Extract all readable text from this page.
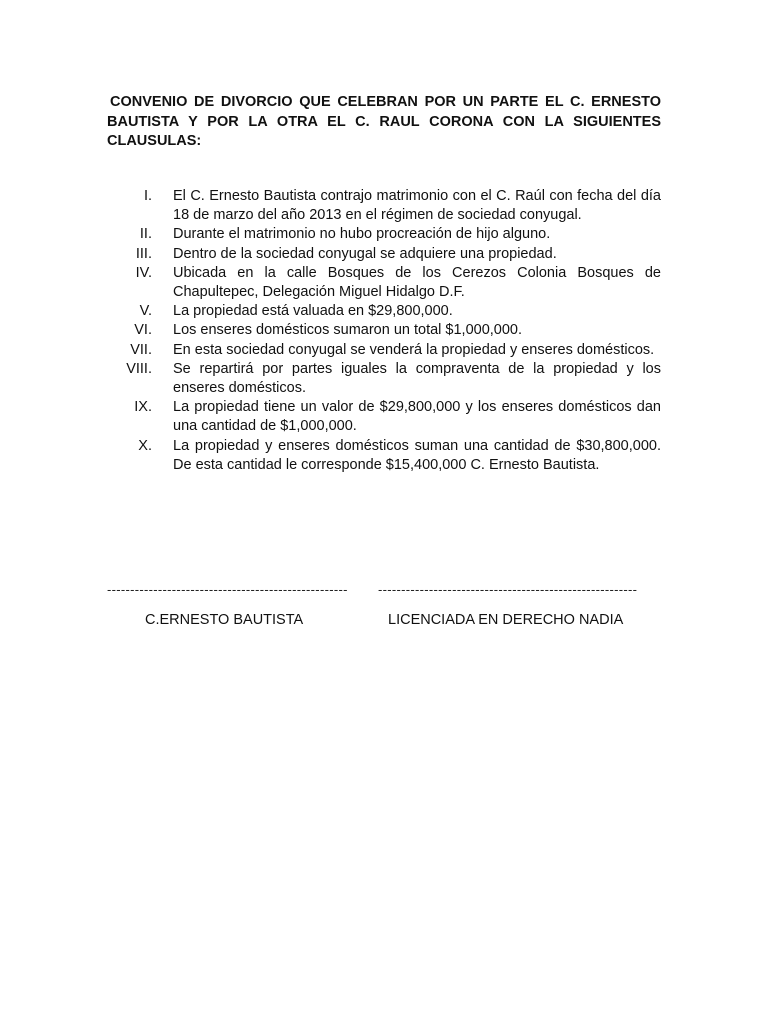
CONVENIO DE DIVORCIO QUE CELEBRAN POR UN PARTE EL C. ERNESTO BAUTISTA Y POR LA OTRA EL C. RAUL CORONA CON LA SIGUIENTES CLAUSULAS:

I.	El C. Ernesto Bautista contrajo matrimonio con el C. Raúl con fecha del día 18 de marzo del año 2013 en el régimen de sociedad conyugal.
II.	Durante el matrimonio no hubo procreación de hijo alguno.
III.	Dentro de la sociedad conyugal se adquiere una propiedad.
IV.	Ubicada en la calle Bosques de los Cerezos Colonia Bosques de Chapultepec, Delegación Miguel Hidalgo D.F.
V.	La propiedad está valuada en $29,800,000.
VI.	Los enseres domésticos sumaron un total $1,000,000.
VII.	En esta sociedad conyugal se venderá la propiedad y enseres domésticos.
VIII.	Se repartirá por partes iguales la compraventa de la propiedad y los enseres domésticos.
IX.	La propiedad tiene un valor de $29,800,000 y los enseres domésticos dan una cantidad de $1,000,000.
X.	La propiedad y enseres domésticos suman una cantidad de $30,800,000. De esta cantidad le corresponde $15,400,000 C. Ernesto Bautista.
----------------------------------------------------	--------------------------------------------------------
C.ERNESTO BAUTISTA	LICENCIADA EN DERECHO NADIA
